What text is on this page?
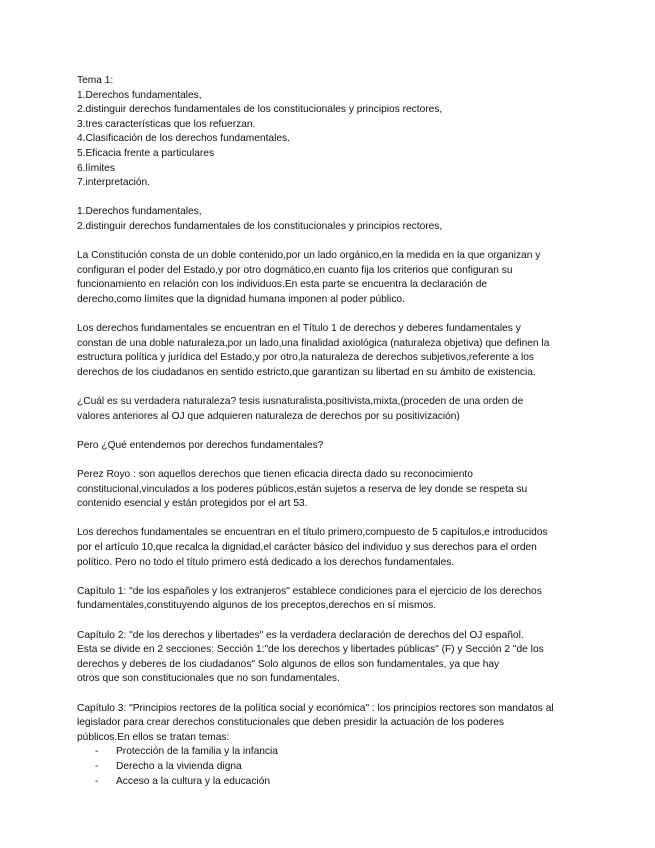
Tema 1:

1.Derechos fundamentales,

2.distinguir derechos fundamentales de los constitucionales y principios rectores,

3.tres características que los refuerzan.

4.Clasificación de los derechos fundamentales.

5.Eficacia frente a particulares

6.límites

7.interpretación.

1.Derechos fundamentales,

2.distinguir derechos fundamentales de los constitucionales y principios rectores,

La Constitución consta de un doble contenido,por un lado orgánico,en la medida en la que organizan y

configuran el poder del Estado,y por otro dogmático,en cuanto fija los criterios que configuran su

funcionamiento en relación con los individuos.En esta parte se encuentra la declaración de

derecho,como límites que la dignidad humana imponen al poder público.

Los derechos fundamentales se encuentran en el Título 1 de derechos y deberes fundamentales y

constan de una doble naturaleza,por un lado,una finalidad axiológica (naturaleza objetiva) que definen la

estructura política y jurídica del Estado,y por otro,la naturaleza de derechos subjetivos,referente a los

derechos de los ciudadanos en sentido estricto,que garantizan su libertad en su ámbito de existencia.

¿Cuál es su verdadera naturaleza? tesis iusnaturalista,positivista,mixta,(proceden de una orden de

valores anteriores al OJ que adquieren naturaleza de derechos por su positivización)

Pero ¿Qué entendemos por derechos fundamentales?

Perez Royo : son aquellos derechos que tienen eficacia directa dado su reconocimiento

constitucional,vinculados a los poderes públicos,están sujetos a reserva de ley donde se respeta su

contenido esencial y están protegidos por el art 53.

Los derechos fundamentales se encuentran en el título primero,compuesto de 5 capítulos,e introducidos

por el artículo 10,que recalca la dignidad,el carácter básico del individuo y sus derechos para el orden

político. Pero no todo el título primero está dedicado a los derechos fundamentales.

Capítulo 1: "de los españoles y los extranjeros" establece condiciones para el ejercicio de los derechos

fundamentales,constituyendo algunos de los preceptos,derechos en sí mismos.

Capítulo 2: "de los derechos y libertades" es la verdadera declaración de derechos del OJ español.

Esta se divide en 2 secciones: Sección 1:"de los derechos y libertades públicas" (F) y Sección 2 "de los

derechos y deberes de los ciudadanos" Solo algunos de ellos son fundamentales, ya que hay

otros que son constitucionales que no son fundamentales.

Capítulo 3: "Principios rectores de la política social y económica" : los principios rectores son mandatos al

legislador para crear derechos constitucionales que deben presidir la actuación de los poderes

públicos.En ellos se tratan temas:

- Protección de la familia y la infancia
- Derecho a la vivienda digna
- Acceso a la cultura y la educación
